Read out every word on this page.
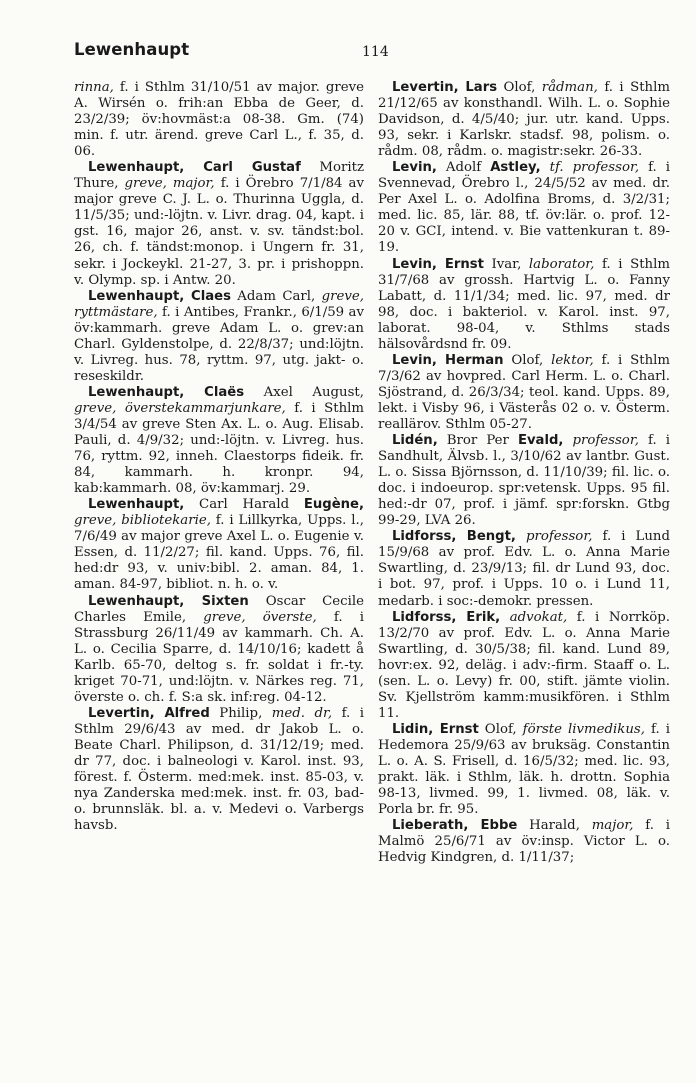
Lewenhaupt	114

rinna, f. i Sthlm 31/10/51 av major. greve A. Wirsén o. frih:an Ebba de Geer, d. 23/2/39; öv:hovmäst:a 08-38. Gm. (74) min. f. utr. ärend. greve Carl L., f. 35, d. 06.

Lewenhaupt, Carl Gustaf Moritz Thure, greve, major, f. i Örebro 7/1/84 av major greve C. J. L. o. Thurinna Uggla, d. 11/5/35; und:-löjtn. v. Livr. drag. 04, kapt. i gst. 16, major 26, anst. v. sv. tändst:bol. 26, ch. f. tändst:monop. i Ungern fr. 31, sekr. i Jockeykl. 21-27, 3. pr. i prishoppn. v. Olymp. sp. i Antw. 20.

Lewenhaupt, Claes Adam Carl, greve, ryttmästare, f. i Antibes, Frankr., 6/1/59 av öv:kammarh. greve Adam L. o. grev:an Charl. Gyldenstolpe, d. 22/8/37; und:löjtn. v. Livreg. hus. 78, ryttm. 97, utg. jakt- o. reseskildr.

Lewenhaupt, Claës Axel August, greve, överstekammarjunkare, f. i Sthlm 3/4/54 av greve Sten Ax. L. o. Aug. Elisab. Pauli, d. 4/9/32; und:-löjtn. v. Livreg. hus. 76, ryttm. 92, inneh. Claestorps fideik. fr. 84, kammarh. h. kronpr. 94, kab:kammarh. 08, öv:kammarj. 29.

Lewenhaupt, Carl Harald Eugène, greve, bibliotekarie, f. i Lillkyrka, Upps. l., 7/6/49 av major greve Axel L. o. Eugenie v. Essen, d. 11/2/27; fil. kand. Upps. 76, fil. hed:dr 93, v. univ:bibl. 2. aman. 84, 1. aman. 84-97, bibliot. n. h. o. v.

Lewenhaupt, Sixten Oscar Cecile Charles Emile, greve, överste, f. i Strassburg 26/11/49 av kammarh. Ch. A. L. o. Cecilia Sparre, d. 14/10/16; kadett å Karlb. 65-70, deltog s. fr. soldat i fr.-ty. kriget 70-71, und:löjtn. v. Närkes reg. 71, överste o. ch. f. S:a sk. inf:reg. 04-12.

Levertin, Alfred Philip, med. dr, f. i Sthlm 29/6/43 av med. dr Jakob L. o. Beate Charl. Philipson, d. 31/12/19; med. dr 77, doc. i balneologi v. Karol. inst. 93, förest. f. Österm. med:mek. inst. 85-03, v. nya Zanderska med:mek. inst. fr. 03, bad-o. brunnsläk. bl. a. v. Medevi o. Varbergs havsb.

Levertin, Lars Olof, rådman, f. i Sthlm 21/12/65 av konsthandl. Wilh. L. o. Sophie Davidson, d. 4/5/40; jur. utr. kand. Upps. 93, sekr. i Karlskr. stadsf. 98, polism. o. rådm. 08, rådm. o. magistr:sekr. 26-33.

Levin, Adolf Astley, tf. professor, f. i Svennevad, Örebro l., 24/5/52 av med. dr. Per Axel L. o. Adolfina Broms, d. 3/2/31; med. lic. 85, lär. 88, tf. öv:lär. o. prof. 12-20 v. GCI, intend. v. Bie vattenkuran t. 89-19.

Levin, Ernst Ivar, laborator, f. i Sthlm 31/7/68 av grossh. Hartvig L. o. Fanny Labatt, d. 11/1/34; med. lic. 97, med. dr 98, doc. i bakteriol. v. Karol. inst. 97, laborat. 98-04, v. Sthlms stads hälsovårdsnd fr. 09.

Levin, Herman Olof, lektor, f. i Sthlm 7/3/62 av hovpred. Carl Herm. L. o. Charl. Sjöstrand, d. 26/3/34; teol. kand. Upps. 89, lekt. i Visby 96, i Västerås 02 o. v. Österm. reallärov. Sthlm 05-27.

Lidén, Bror Per Evald, professor, f. i Sandhult, Älvsb. l., 3/10/62 av lantbr. Gust. L. o. Sissa Björnsson, d. 11/10/39; fil. lic. o. doc. i indoeurop. spr:vetensk. Upps. 95 fil. hed:-dr 07, prof. i jämf. spr:forskn. Gtbg 99-29, LVA 26.

Lidforss, Bengt, professor, f. i Lund 15/9/68 av prof. Edv. L. o. Anna Marie Swartling, d. 23/9/13; fil. dr Lund 93, doc. i bot. 97, prof. i Upps. 10 o. i Lund 11, medarb. i soc:-demokr. pressen.

Lidforss, Erik, advokat, f. i Norrköp. 13/2/70 av prof. Edv. L. o. Anna Marie Swartling, d. 30/5/38; fil. kand. Lund 89, hovr:ex. 92, deläg. i adv:-firm. Staaff o. L. (sen. L. o. Levy) fr. 00, stift. jämte violin. Sv. Kjellström kamm:musikfören. i Sthlm 11.

Lidin, Ernst Olof, förste livmedikus, f. i Hedemora 25/9/63 av bruksäg. Constantin L. o. A. S. Frisell, d. 16/5/32; med. lic. 93, prakt. läk. i Sthlm, läk. h. drottn. Sophia 98-13, livmed. 99, 1. livmed. 08, läk. v. Porla br. fr. 95.

Lieberath, Ebbe Harald, major, f. i Malmö 25/6/71 av öv:insp. Victor L. o. Hedvig Kindgren, d. 1/11/37;
